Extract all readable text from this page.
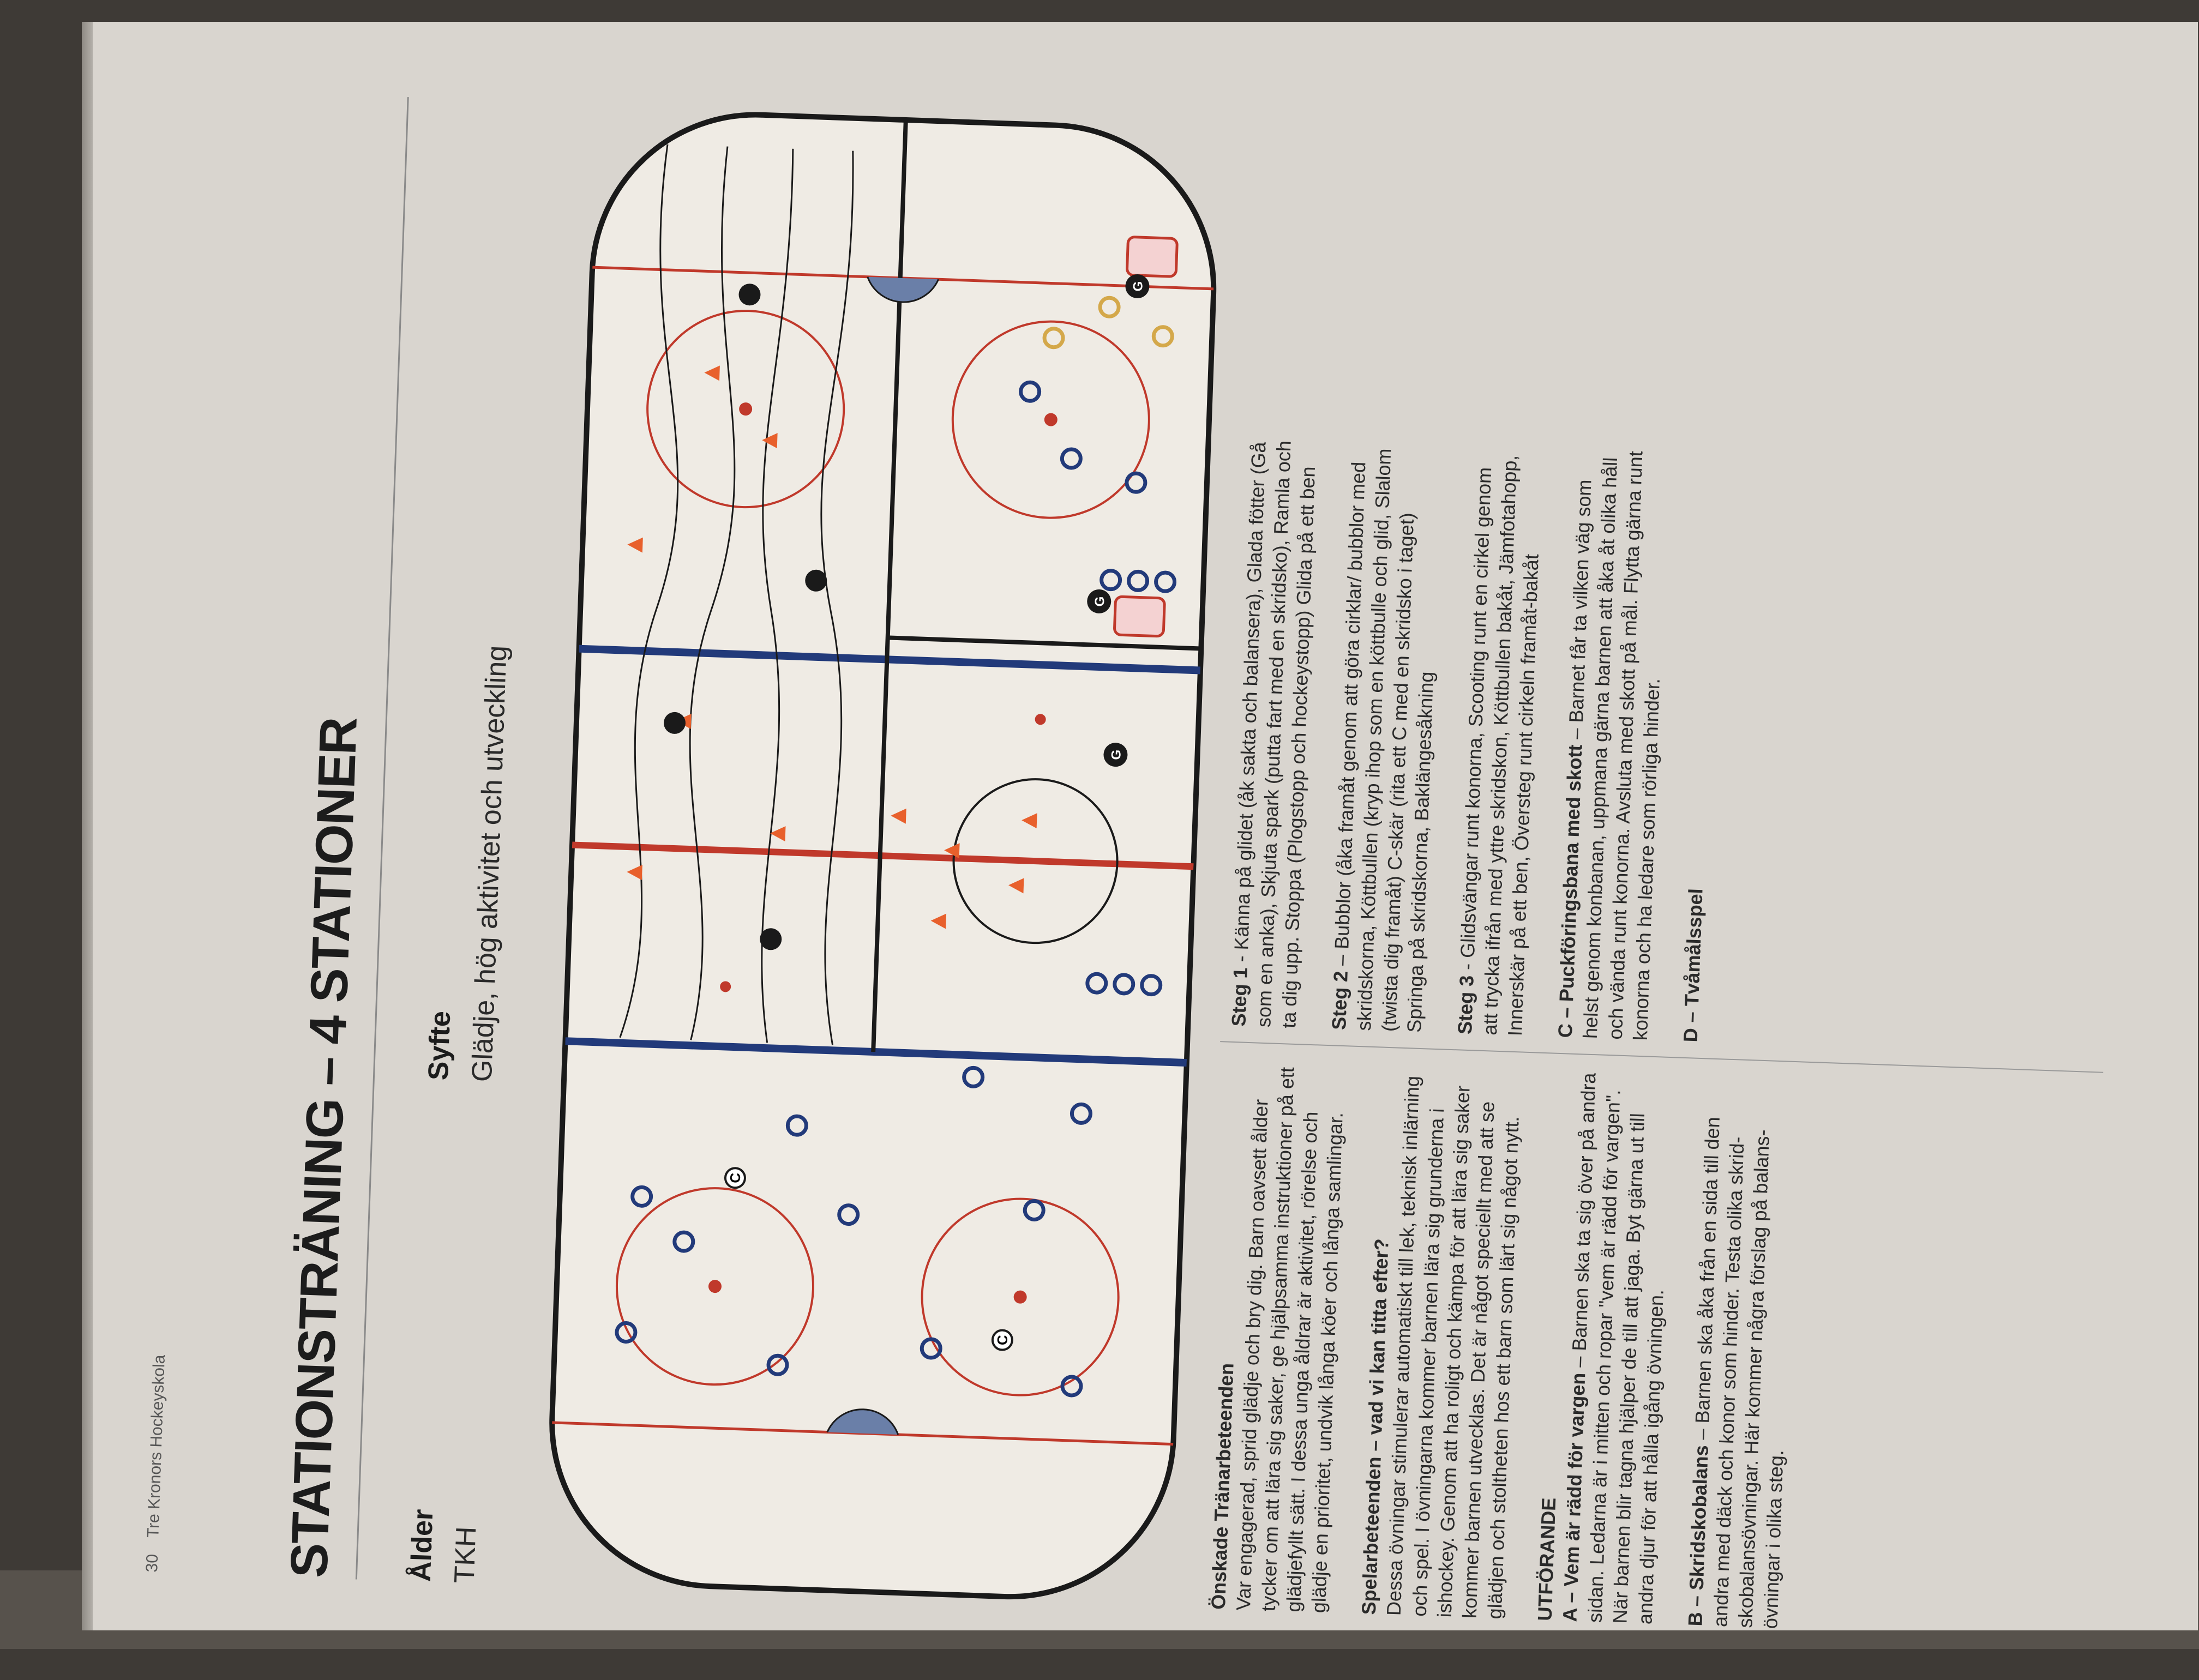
30
Tre Kronors Hockeyskola STATIONSTRÄNING – 4 STATIONER Ålder TKH
Syfte Glädje, hög aktivitet och utveckling
C
C
G
G
G

Önskade Tränarbeteenden
Var engagerad, sprid glädje och bry dig. Barn oavsett ålder tycker om att lära sig saker, ge hjälpsamma instruktioner på ett glädjefyllt sätt. I dessa unga åldrar är aktivitet, rörelse och glädje en prioritet, undvik långa köer och långa samlingar. Spelarbeteenden – vad vi kan titta efter?
Dessa övningar stimulerar automatiskt till lek, teknisk inlärning och spel. I övningarna kommer barnen lära sig grunderna i ishockey. Genom att ha roligt och kämpa för att lära sig saker kommer barnen utvecklas. Det är något speciellt med att se glädjen och stoltheten hos ett barn som lärt sig något nytt. UTFÖRANDE
A – Vem är rädd för vargen – Barnen ska ta sig över på andra sidan. Ledarna är i mitten och ropar "vem är rädd för vargen". När barnen blir tagna hjälper de till att jaga. Byt gärna ut till andra djur för att hålla igång övningen. B – Skridskobalans – Barnen ska åka från en sida till den andra med däck och konor som hinder. Testa olika skrid-skobalansövningar. Här kommer några förslag på balans-övningar i olika steg.

Steg 1 - Känna på glidet (åk sakta och balansera), Glada fötter (Gå som en anka), Skjuta spark (putta fart med en skridsko), Ramla och ta dig upp. Stoppa (Plogstopp och hockeystopp) Glida på ett ben Steg 2 – Bubblor (åka framåt genom att göra cirklar/ bubblor med skridskorna, Köttbullen (kryp ihop som en köttbulle och glid, Slalom (twista dig framåt) C-skär (rita ett C med en skridsko i taget) Springa på skridskorna, Baklängesåkning Steg 3 - Glidsvängar runt konorna, Scooting runt en cirkel genom att trycka ifrån med yttre skridskon, Köttbullen bakåt, Jämfotahopp, Innerskär på ett ben, Översteg runt cirkeln framåt-bakåt C – Puckföringsbana med skott – Barnet får ta vilken väg som helst genom konbanan, uppmana gärna barnen att åka åt olika håll och vända runt konorna. Avsluta med skott på mål. Flytta gärna runt konorna och ha ledare som rörliga hinder. D – Tvåmålsspel
